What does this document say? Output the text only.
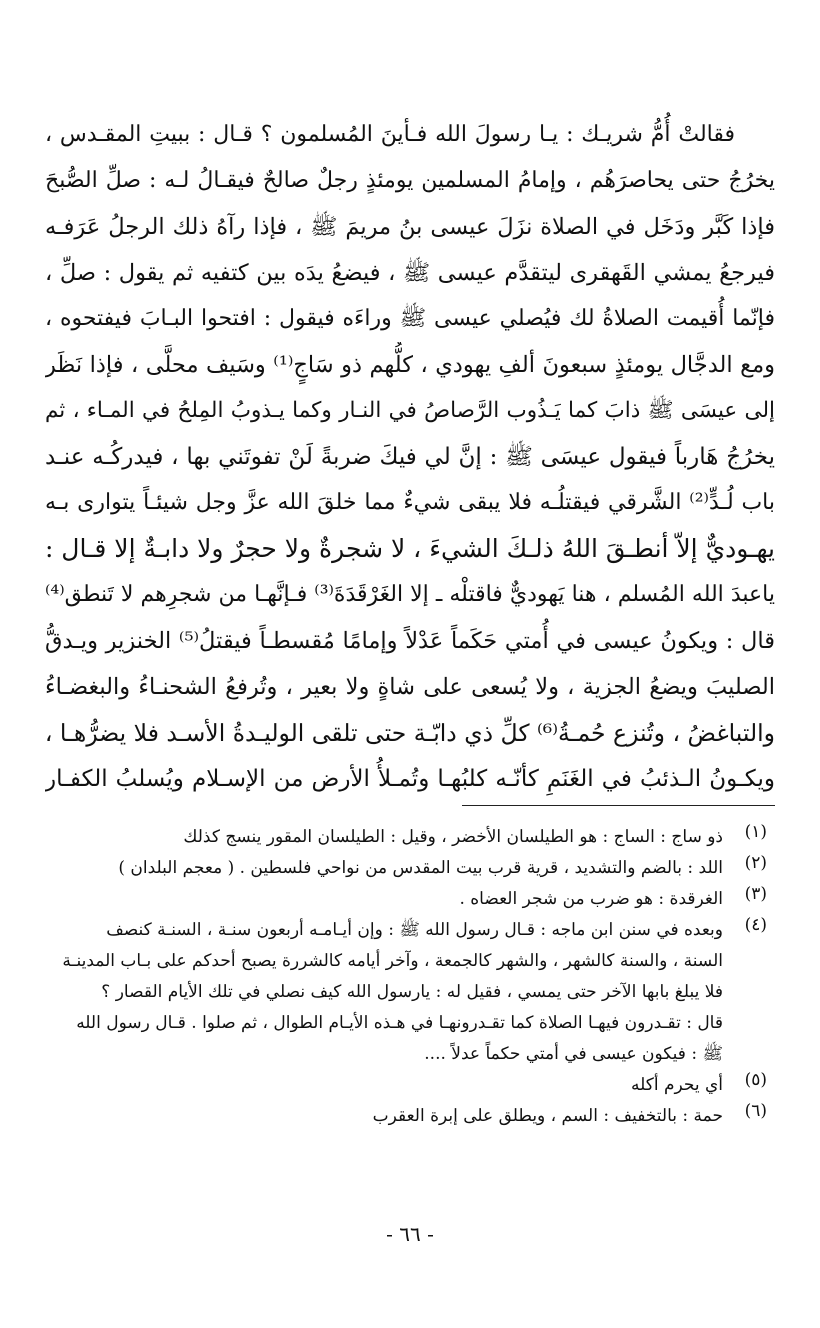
فقالتْ أُمُّ شريـك : يـا رسولَ الله فـأينَ المُسلمون ؟ قـال : ببيتِ المقـدس ،
يخرُجُ حتى يحاصرَهُم ، وإمامُ المسلمين يومئذٍ رجلٌ صالحٌ فيقـالُ لـه : صلِّ الصُّبحَ
فإذا كَبَّر ودَخَل في الصلاة نزَلَ عيسى بنُ مريمَ ﷺ ، فإذا رآهُ ذلك الرجلُ عَرَفـه
فيرجعُ يمشي القَهقرى ليتقدَّم عيسى ﷺ ، فيضعُ يدَه بين كتفيه ثم يقول : صلِّ ،
فإنّما أُقيمت الصلاةُ لك فيُصلي عيسى ﷺ وراءَه فيقول : افتحوا البـابَ فيفتحوه ،
ومع الدجَّال يومئذٍ سبعونَ ألفِ يهودي ، كلُّهم ذو سَاجٍ⁽¹⁾ وسَيف محلَّى ، فإذا نَظَر
إلى عيسَى ﷺ ذابَ كما يَـذُوب الرَّصاصُ في النـار وكما يـذوبُ المِلحُ في المـاء ، ثم
يخرُجُ هَارباً فيقول عيسَى ﷺ : إنَّ لي فيكَ ضربةً لَنْ تفوتَني بها ، فيدركُـه عنـد
باب لُـدٍّ⁽²⁾ الشَّرقي فيقتلُـه فلا يبقى شيءٌ مما خلقَ الله عزَّ وجل شيئـاً يتوارى بـه
يهـوديٌّ إلاّ أنطـقَ اللهُ ذلـكَ الشيءَ ، لا شجرةٌ ولا حجرٌ ولا دابـةٌ إلا قـال :
ياعبدَ الله المُسلم ، هنا يَهوديٌّ فاقتلْه ـ إلا الغَرْقَدَةَ⁽³⁾ فـإنَّهـا من شجرِهم لا تَنطق⁽⁴⁾
قال : ويكونُ عيسى في أُمتي حَكَماً عَدْلاً وإمامًا مُقسطـاً فيقتلُ⁽⁵⁾ الخنزير ويـدقُّ
الصليبَ ويضعُ الجزية ، ولا يُسعى على شاةٍ ولا بعير ، وتُرفعُ الشحنـاءُ والبغضـاءُ
والتباغضُ ، وتُنزع حُمـةُ⁽⁶⁾ كلِّ ذي دابّـة حتى تلقى الوليـدةُ الأسـد فلا يضرُّهـا ،
ويكـونُ الـذئبُ في الغَنَمِ كأنّـه كلبُهـا وتُمـلأُ الأرض من الإسـلام ويُسلبُ الكفـار
(١)
ذو ساج : الساج : هو الطيلسان الأخضر ، وقيل : الطيلسان المقور ينسج كذلك
(٢)
اللد : بالضم والتشديد ، قرية قرب بيت المقدس من نواحي فلسطين . ( معجم البلدان )
(٣)
الغرقدة : هو ضرب من شجر العضاه .
(٤)
وبعده في سنن ابن ماجه : قـال رسول الله ﷺ : وإن أيـامـه أربعون سنـة ، السنـة كنصف
السنة ، والسنة كالشهر ، والشهر كالجمعة ، وآخر أيامه كالشررة يصبح أحدكم على بـاب المدينـة
فلا يبلغ بابها الآخر حتى يمسي ، فقيل له : يارسول الله كيف نصلي في تلك الأيام القصار ؟
قال : تقـدرون فيهـا الصلاة كما تقـدرونهـا في هـذه الأيـام الطوال ، ثم صلوا . قـال رسول الله
ﷺ : فيكون عيسى في أمتي حكماً عدلاً ....
(٥)
أي يحرم أكله
(٦)
حمة : بالتخفيف : السم ، ويطلق على إبرة العقرب
- ٦٦ -
